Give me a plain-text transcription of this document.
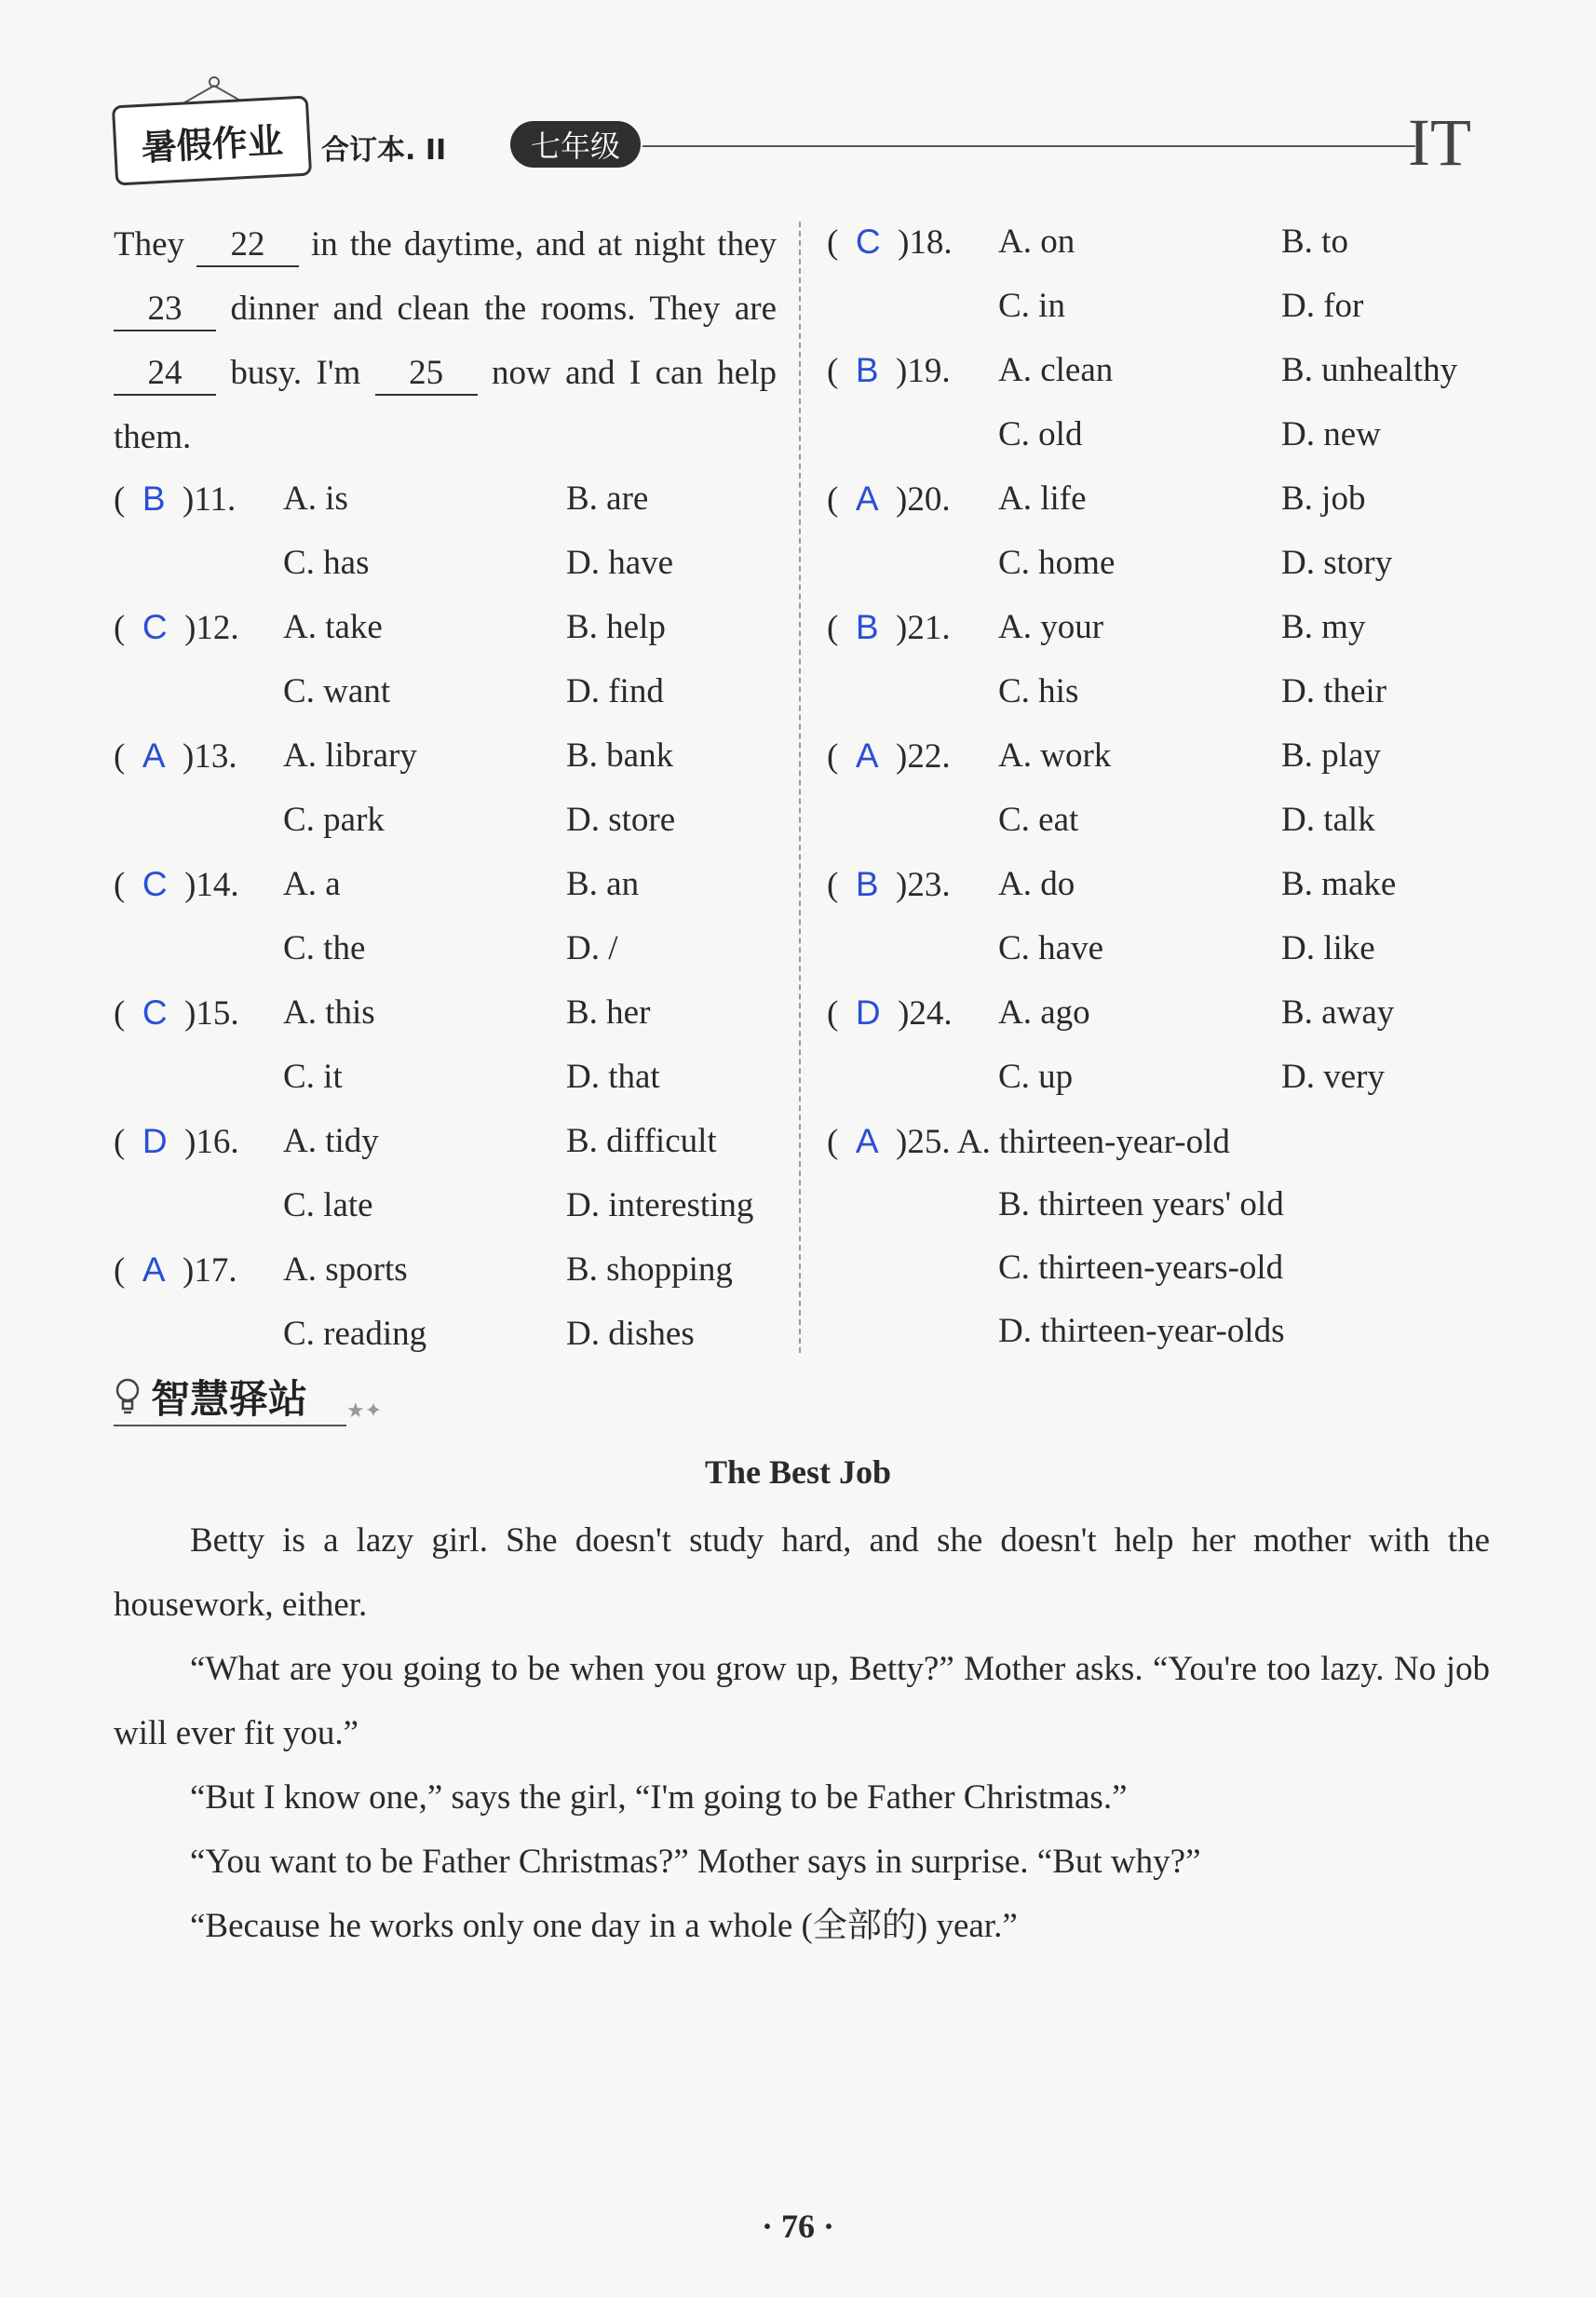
暑假作业	合订本. II	七年级	IT
They 22 in the daytime, and at night they 23 dinner and clean the rooms. They are 24 busy. I'm 25 now and I can help them.
(  B )11. A. is	B. are
C. has	D. have
(  C )12. A. take	B. help
C. want	D. find
(  A )13. A. library	B. bank
C. park	D. store
(  C )14. A. a	B. an
C. the	D. /
(  C )15. A. this	B. her
C. it	D. that
(  D )16. A. tidy	B. difficult
C. late	D. interesting
(  A )17. A. sports	B. shopping
C. reading	D. dishes
(  C )18. A. on	B. to
C. in	D. for
(  B )19. A. clean	B. unhealthy
C. old	D. new
(  A )20. A. life	B. job
C. home	D. story
(  B )21. A. your	B. my
C. his	D. their
(  A )22. A. work	B. play
C. eat	D. talk
(  B )23. A. do	B. make
C. have	D. like
(  D )24. A. ago	B. away
C. up	D. very
(  A )25. A. thirteen-year-old
B. thirteen years' old
C. thirteen-years-old
D. thirteen-year-olds
智慧驿站 ★✦
The Best Job

Betty is a lazy girl. She doesn't study hard, and she doesn't help her mother with the housework, either.

“What are you going to be when you grow up, Betty?” Mother asks. “You're too lazy. No job will ever fit you.”

“But I know one,” says the girl, “I'm going to be Father Christmas.”

“You want to be Father Christmas?” Mother says in surprise. “But why?”

“Because he works only one day in a whole (全部的) year.”

· 76 ·
